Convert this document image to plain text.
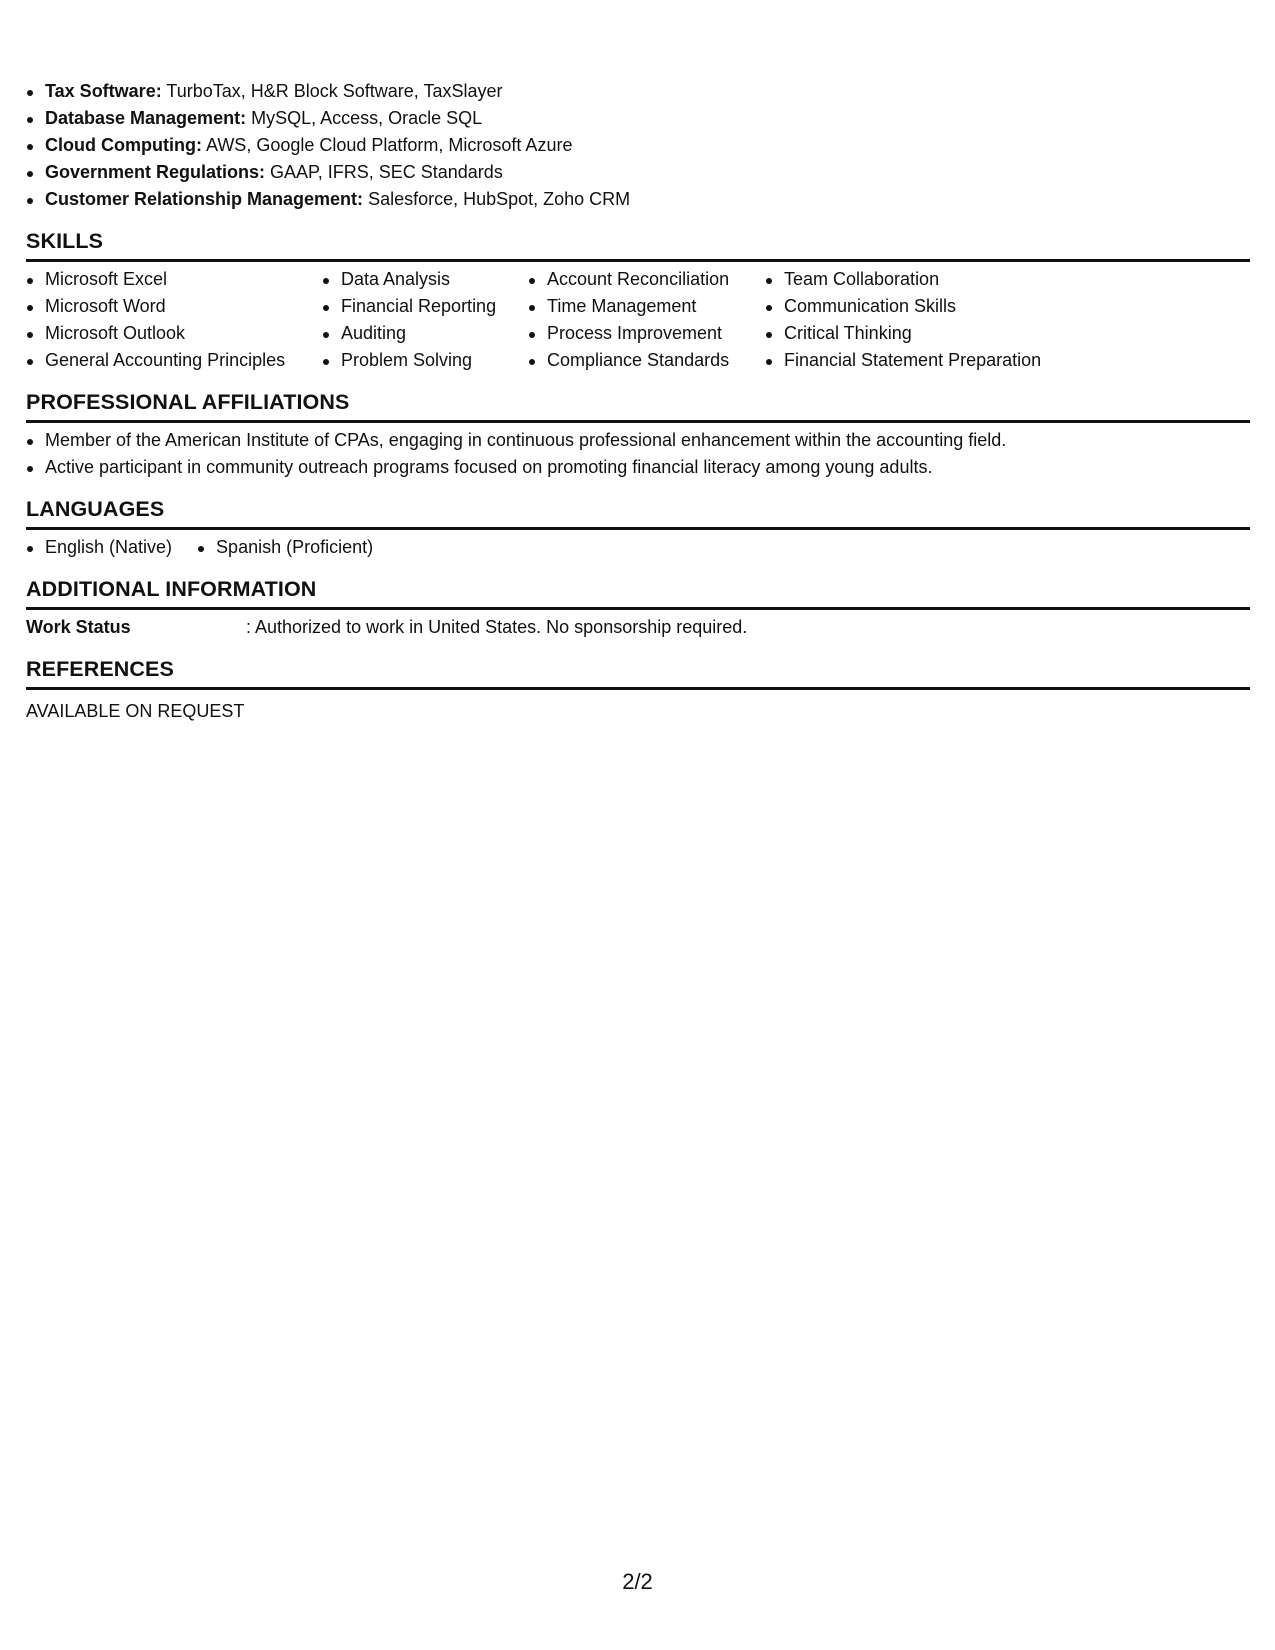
Tax Software: TurboTax, H&R Block Software, TaxSlayer
Database Management: MySQL, Access, Oracle SQL
Cloud Computing: AWS, Google Cloud Platform, Microsoft Azure
Government Regulations: GAAP, IFRS, SEC Standards
Customer Relationship Management: Salesforce, HubSpot, Zoho CRM
SKILLS
Microsoft Excel
Microsoft Word
Microsoft Outlook
General Accounting Principles
Data Analysis
Financial Reporting
Auditing
Problem Solving
Account Reconciliation
Time Management
Process Improvement
Compliance Standards
Team Collaboration
Communication Skills
Critical Thinking
Financial Statement Preparation
PROFESSIONAL AFFILIATIONS
Member of the American Institute of CPAs, engaging in continuous professional enhancement within the accounting field.
Active participant in community outreach programs focused on promoting financial literacy among young adults.
LANGUAGES
English (Native)	Spanish (Proficient)
ADDITIONAL INFORMATION
Work Status	: Authorized to work in United States. No sponsorship required.
REFERENCES
AVAILABLE ON REQUEST
2/2
